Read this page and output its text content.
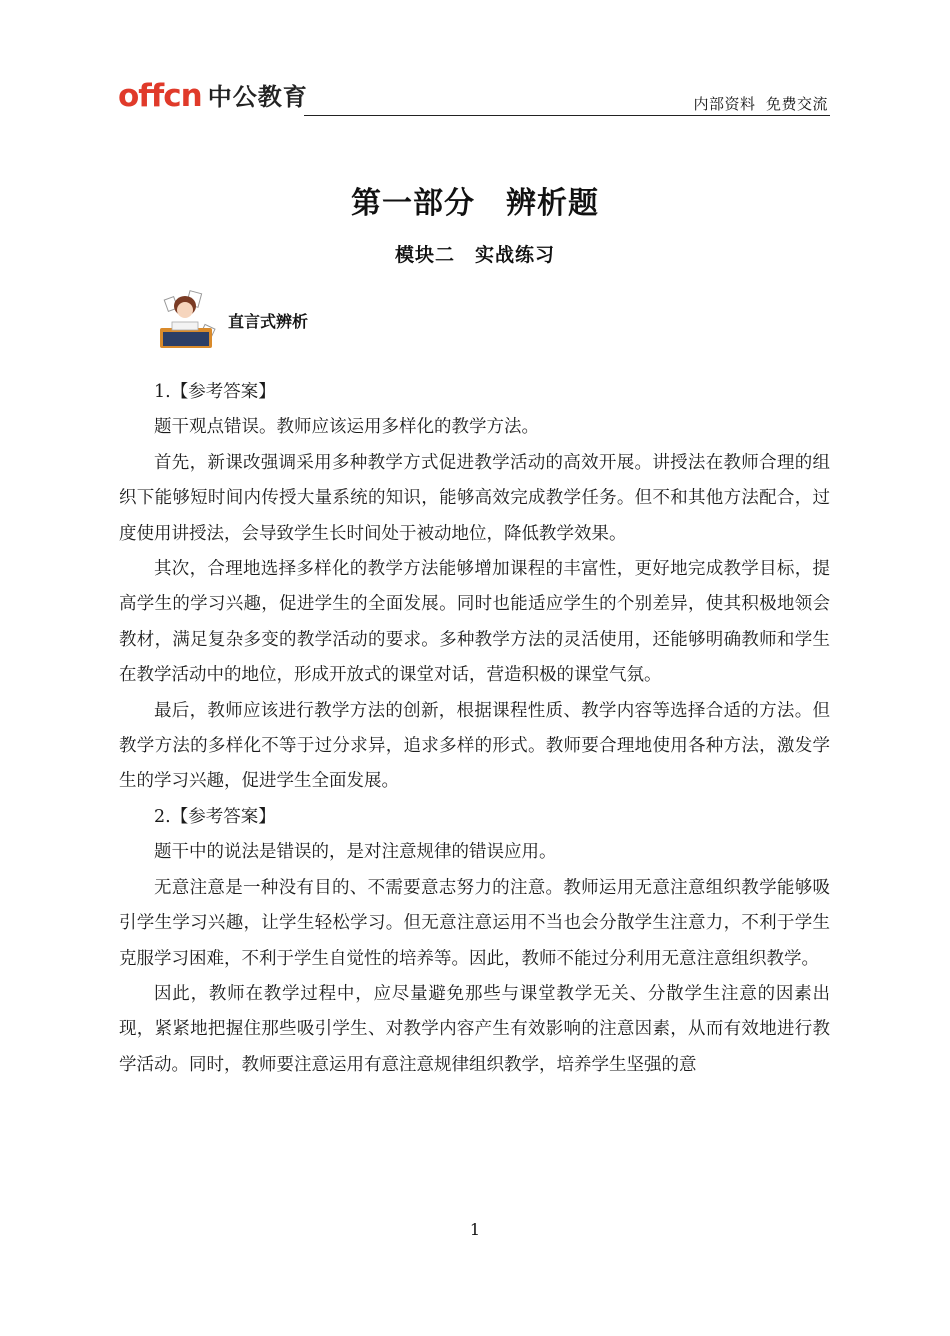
offcn 中公教育	内部资料  免费交流
第一部分　辨析题
模块二　实战练习
直言式辨析

1.【参考答案】

题干观点错误。教师应该运用多样化的教学方法。

首先，新课改强调采用多种教学方式促进教学活动的高效开展。讲授法在教师合理的组织下能够短时间内传授大量系统的知识，能够高效完成教学任务。但不和其他方法配合，过度使用讲授法，会导致学生长时间处于被动地位，降低教学效果。

其次，合理地选择多样化的教学方法能够增加课程的丰富性，更好地完成教学目标，提高学生的学习兴趣，促进学生的全面发展。同时也能适应学生的个别差异，使其积极地领会教材，满足复杂多变的教学活动的要求。多种教学方法的灵活使用，还能够明确教师和学生在教学活动中的地位，形成开放式的课堂对话，营造积极的课堂气氛。

最后，教师应该进行教学方法的创新，根据课程性质、教学内容等选择合适的方法。但教学方法的多样化不等于过分求异，追求多样的形式。教师要合理地使用各种方法，激发学生的学习兴趣，促进学生全面发展。

2.【参考答案】

题干中的说法是错误的，是对注意规律的错误应用。

无意注意是一种没有目的、不需要意志努力的注意。教师运用无意注意组织教学能够吸引学生学习兴趣，让学生轻松学习。但无意注意运用不当也会分散学生注意力，不利于学生克服学习困难，不利于学生自觉性的培养等。因此，教师不能过分利用无意注意组织教学。

因此，教师在教学过程中，应尽量避免那些与课堂教学无关、分散学生注意的因素出现，紧紧地把握住那些吸引学生、对教学内容产生有效影响的注意因素，从而有效地进行教学活动。同时，教师要注意运用有意注意规律组织教学，培养学生坚强的意

1
